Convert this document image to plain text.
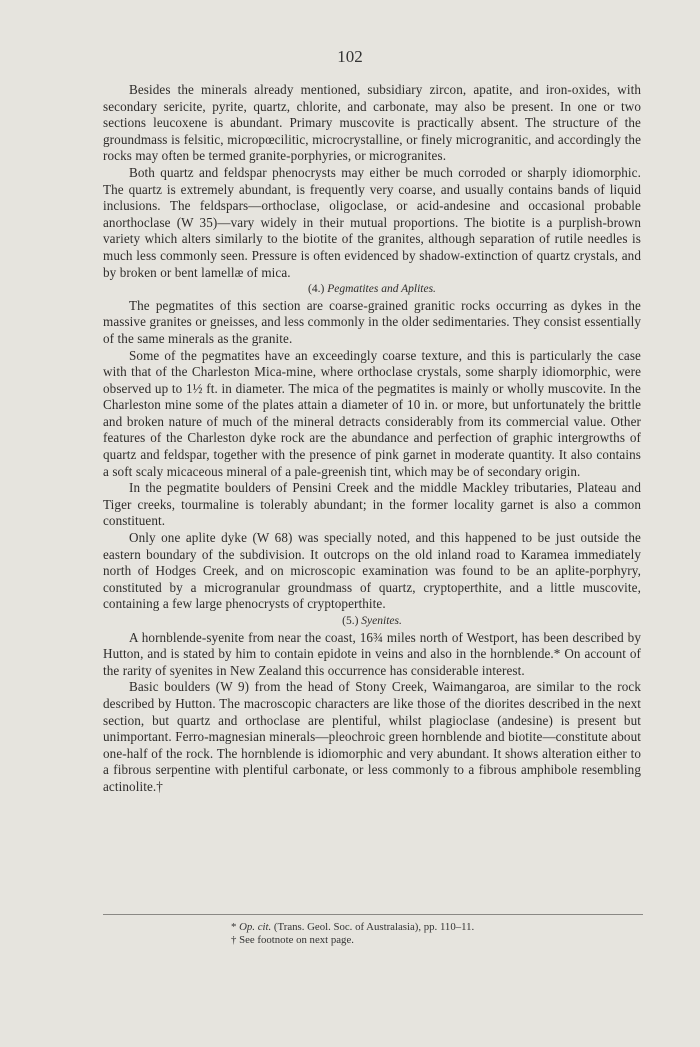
102

Besides the minerals already mentioned, subsidiary zircon, apatite, and iron-oxides, with secondary sericite, pyrite, quartz, chlorite, and carbonate, may also be present. In one or two sections leucoxene is abundant. Primary muscovite is practically absent. The structure of the groundmass is felsitic, micropœcilitic, microcrystalline, or finely microgranitic, and accordingly the rocks may often be termed granite-porphyries, or microgranites.

Both quartz and feldspar phenocrysts may either be much corroded or sharply idiomorphic. The quartz is extremely abundant, is frequently very coarse, and usually contains bands of liquid inclusions. The feldspars—orthoclase, oligoclase, or acid-andesine and occasional probable anorthoclase (W 35)—vary widely in their mutual proportions. The biotite is a purplish-brown variety which alters similarly to the biotite of the granites, although separation of rutile needles is much less commonly seen. Pressure is often evidenced by shadow-extinction of quartz crystals, and by broken or bent lamellæ of mica.

(4.) Pegmatites and Aplites.

The pegmatites of this section are coarse-grained granitic rocks occurring as dykes in the massive granites or gneisses, and less commonly in the older sedimentaries. They consist essentially of the same minerals as the granite.

Some of the pegmatites have an exceedingly coarse texture, and this is particularly the case with that of the Charleston Mica-mine, where orthoclase crystals, some sharply idiomorphic, were observed up to 1½ ft. in diameter. The mica of the pegmatites is mainly or wholly muscovite. In the Charleston mine some of the plates attain a diameter of 10 in. or more, but unfortunately the brittle and broken nature of much of the mineral detracts considerably from its commercial value. Other features of the Charleston dyke rock are the abundance and perfection of graphic intergrowths of quartz and feldspar, together with the presence of pink garnet in moderate quantity. It also contains a soft scaly micaceous mineral of a pale-greenish tint, which may be of secondary origin.

In the pegmatite boulders of Pensini Creek and the middle Mackley tributaries, Plateau and Tiger creeks, tourmaline is tolerably abundant; in the former locality garnet is also a common constituent.

Only one aplite dyke (W 68) was specially noted, and this happened to be just outside the eastern boundary of the subdivision. It outcrops on the old inland road to Karamea immediately north of Hodges Creek, and on microscopic examination was found to be an aplite-porphyry, constituted by a microgranular groundmass of quartz, cryptoperthite, and a little muscovite, containing a few large phenocrysts of cryptoperthite.

(5.) Syenites.

A hornblende-syenite from near the coast, 16¾ miles north of Westport, has been described by Hutton, and is stated by him to contain epidote in veins and also in the hornblende.* On account of the rarity of syenites in New Zealand this occurrence has considerable interest.

Basic boulders (W 9) from the head of Stony Creek, Waimangaroa, are similar to the rock described by Hutton. The macroscopic characters are like those of the diorites described in the next section, but quartz and orthoclase are plentiful, whilst plagioclase (andesine) is present but unimportant. Ferro-magnesian minerals—pleochroic green hornblende and biotite—constitute about one-half of the rock. The hornblende is idiomorphic and very abundant. It shows alteration either to a fibrous serpentine with plentiful carbonate, or less commonly to a fibrous amphibole resembling actinolite.†

* Op. cit. (Trans. Geol. Soc. of Australasia), pp. 110–11.
† See footnote on next page.
